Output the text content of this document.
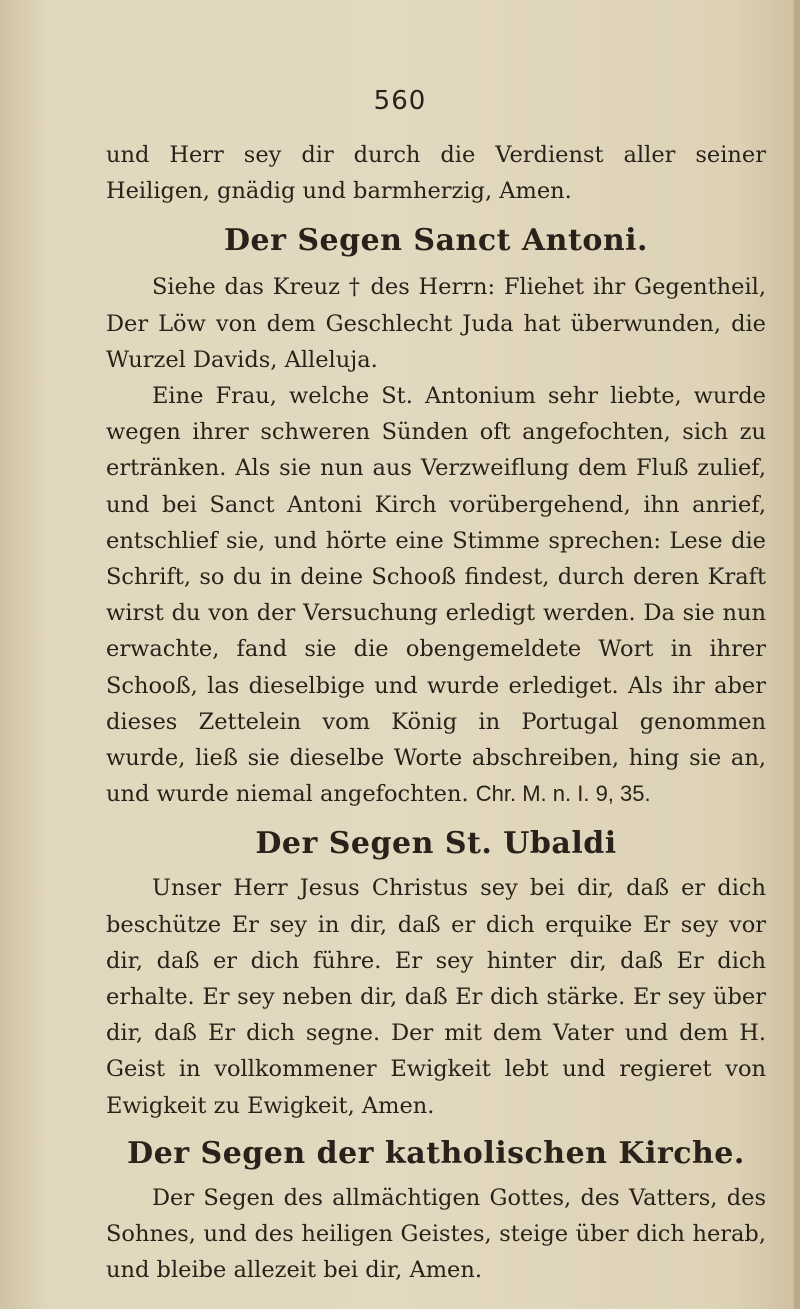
560

und Herr sey dir durch die Verdienst aller seiner Heiligen, gnädig und barmherzig, Amen.

Der Segen Sanct Antoni.

Siehe das Kreuz † des Herrn: Fliehet ihr Gegentheil, Der Löw von dem Geschlecht Juda hat überwunden, die Wurzel Davids, Alleluja.

Eine Frau, welche St. Antonium sehr liebte, wurde wegen ihrer schweren Sünden oft angefochten, sich zu ertränken. Als sie nun aus Verzweiflung dem Fluß zulief, und bei Sanct Antoni Kirch vorübergehend, ihn anrief, entschlief sie, und hörte eine Stimme sprechen: Lese die Schrift, so du in deine Schooß findest, durch deren Kraft wirst du von der Versuchung erledigt werden. Da sie nun erwachte, fand sie die obengemeldete Wort in ihrer Schooß, las dieselbige und wurde erlediget. Als ihr aber dieses Zettelein vom König in Portugal genommen wurde, ließ sie dieselbe Worte abschreiben, hing sie an, und wurde niemal angefochten. Chr. M. n. I. 9, 35.

Der Segen St. Ubaldi

Unser Herr Jesus Christus sey bei dir, daß er dich beschütze Er sey in dir, daß er dich erquike Er sey vor dir, daß er dich führe. Er sey hinter dir, daß Er dich erhalte. Er sey neben dir, daß Er dich stärke. Er sey über dir, daß Er dich segne. Der mit dem Vater und dem H. Geist in vollkommener Ewigkeit lebt und regieret von Ewigkeit zu Ewigkeit, Amen.

Der Segen der katholischen Kirche.

Der Segen des allmächtigen Gottes, des Vatters, des Sohnes, und des heiligen Geistes, steige über dich herab, und bleibe allezeit bei dir, Amen.
